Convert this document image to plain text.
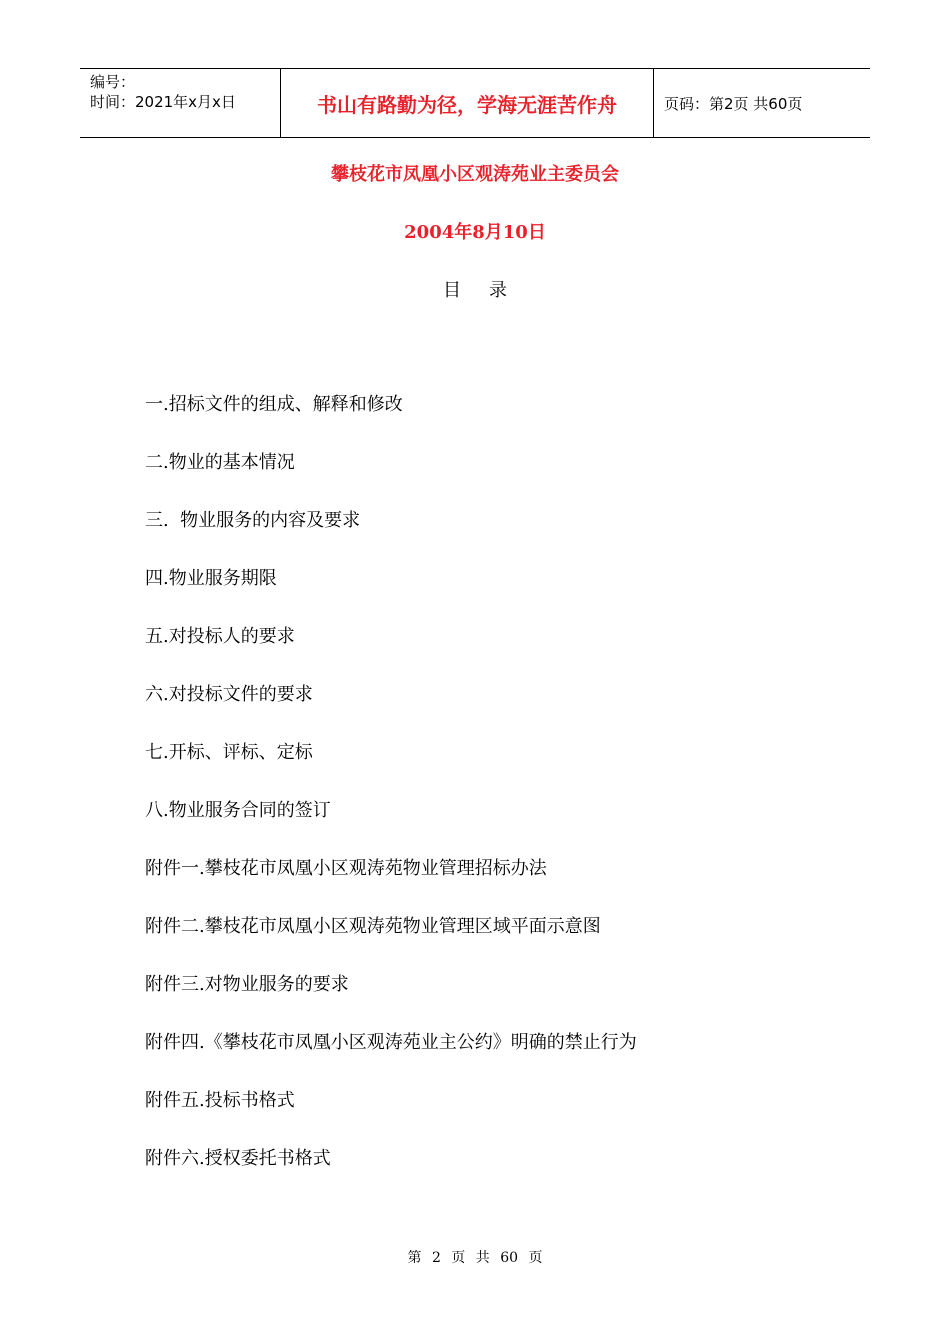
编号：
时间：2021年x月x日	书山有路勤为径，学海无涯苦作舟	页码：第2页 共60页
攀枝花市凤凰小区观涛苑业主委员会
2004年8月10日
目录
一.招标文件的组成、解释和修改
二.物业的基本情况
三.  物业服务的内容及要求
四.物业服务期限
五.对投标人的要求
六.对投标文件的要求
七.开标、评标、定标
八.物业服务合同的签订
附件一.攀枝花市凤凰小区观涛苑物业管理招标办法
附件二.攀枝花市凤凰小区观涛苑物业管理区域平面示意图
附件三.对物业服务的要求
附件四.《攀枝花市凤凰小区观涛苑业主公约》明确的禁止行为
附件五.投标书格式
附件六.授权委托书格式
第 2 页 共 60 页
